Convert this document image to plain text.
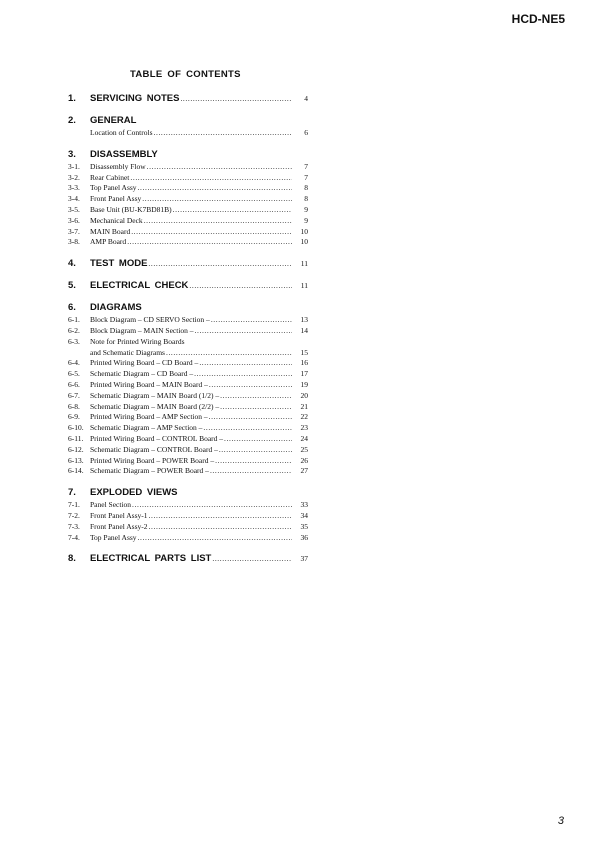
HCD-NE5
TABLE OF CONTENTS
1.	SERVICING NOTES .....	4
2.	GENERAL
Location of Controls .....	6
3.	DISASSEMBLY
3-1.	Disassembly Flow .....	7
3-2.	Rear Cabinet .....	7
3-3.	Top Panel Assy .....	8
3-4.	Front Panel Assy .....	8
3-5.	Base Unit (BU-K7BD81B) .....	9
3-6.	Mechanical Deck .....	9
3-7.	MAIN Board .....	10
3-8.	AMP Board .....	10
4.	TEST MODE .....	11
5.	ELECTRICAL CHECK .....	11
6.	DIAGRAMS
6-1.	Block Diagram – CD SERVO Section – .....	13
6-2.	Block Diagram – MAIN Section – .....	14
6-3.	Note for Printed Wiring Boards
and Schematic Diagrams .....	15
6-4.	Printed Wiring Board – CD Board – .....	16
6-5.	Schematic Diagram – CD Board – .....	17
6-6.	Printed Wiring Board – MAIN Board – .....	19
6-7.	Schematic Diagram – MAIN Board (1/2) – .....	20
6-8.	Schematic Diagram – MAIN Board (2/2) – .....	21
6-9.	Printed Wiring Board – AMP Section – .....	22
6-10. Schematic Diagram – AMP Section – .....	23
6-11. Printed Wiring Board – CONTROL Board – .....	24
6-12. Schematic Diagram – CONTROL Board – .....	25
6-13. Printed Wiring Board – POWER Board – .....	26
6-14. Schematic Diagram – POWER Board – .....	27
7.	EXPLODED VIEWS
7-1.	Panel Section .....	33
7-2.	Front Panel Assy-1 .....	34
7-3.	Front Panel Assy-2 .....	35
7-4.	Top Panel Assy .....	36
8.	ELECTRICAL PARTS LIST .....	37
3
